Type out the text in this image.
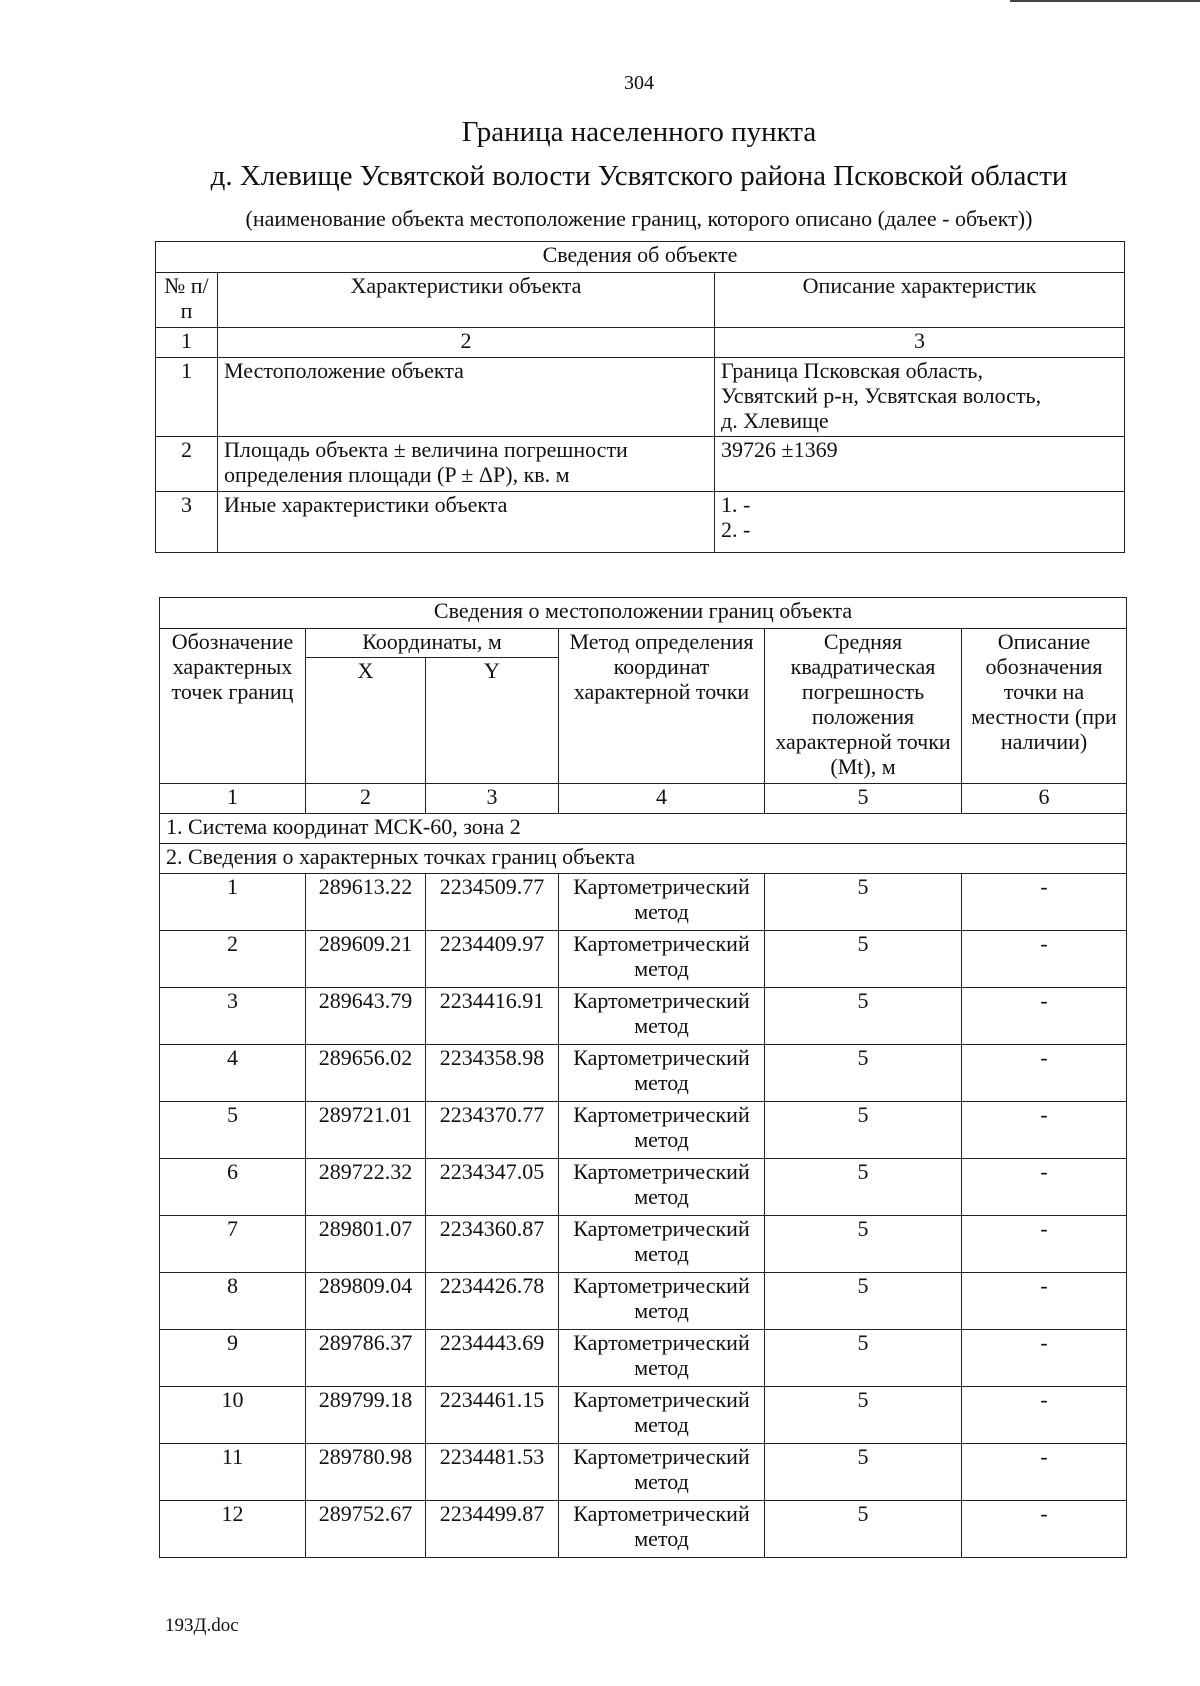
304
Граница населенного пункта
д. Хлевище Усвятской волости Усвятского района Псковской области
(наименование объекта местоположение границ, которого описано (далее - объект))
Сведения об объекте		
№ п/п	Характеристики объекта	Описание характеристик
1	2	3
1	Местоположение объекта	Граница Псковская область,
Усвятский р-н, Усвятская волость,
д. Хлевище

2	Площадь объекта ± величина погрешности
определения площади (P ± ΔP), кв. м	39726 ±1369
3	Иные характеристики объекта	1. -
2. -
Сведения о местоположении границ объекта					
Обозначение характерных точек границ	Координаты, м		Метод определения координат характерной точки	Средняя квадратическая погрешность положения характерной точки (Mt), м	Описание обозначения точки на местности (при наличии)
	X	Y			
1	2	3	4	5	6
1. Система координат МСК-60, зона 2					
2. Сведения о характерных точках границ объекта					
1	289613.22	2234509.77	Картометрический
метод	5	-
2	289609.21	2234409.97	Картометрический
метод	5	-
3	289643.79	2234416.91	Картометрический
метод	5	-
4	289656.02	2234358.98	Картометрический
метод	5	-
5	289721.01	2234370.77	Картометрический
метод	5	-
6	289722.32	2234347.05	Картометрический
метод	5	-
7	289801.07	2234360.87	Картометрический
метод	5	-
8	289809.04	2234426.78	Картометрический
метод	5	-
9	289786.37	2234443.69	Картометрический
метод	5	-
10	289799.18	2234461.15	Картометрический
метод	5	-
11	289780.98	2234481.53	Картометрический
метод	5	-
12	289752.67	2234499.87	Картометрический
метод	5	-
193Д.doc
